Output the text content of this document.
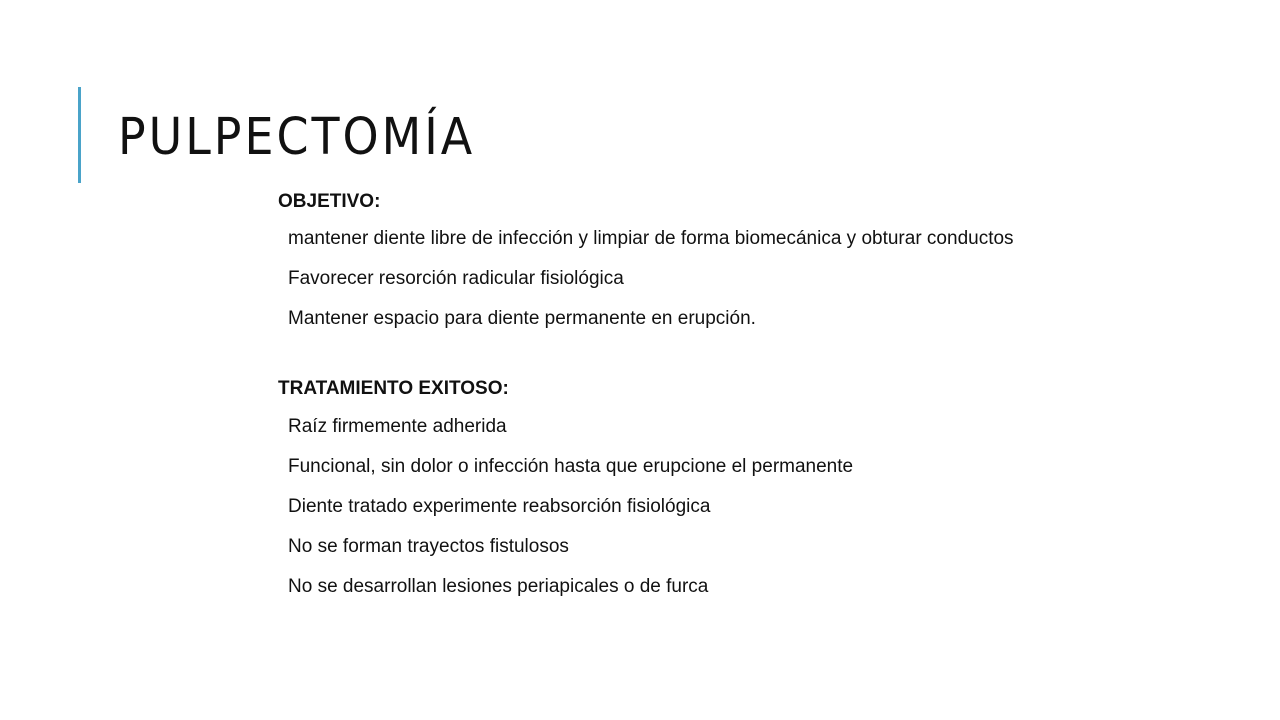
PULPECTOMÍA

OBJETIVO:

mantener diente libre de infección y limpiar de forma biomecánica y obturar conductos
Favorecer resorción radicular fisiológica
Mantener espacio para diente permanente en erupción.

TRATAMIENTO EXITOSO:

Raíz firmemente adherida
Funcional, sin dolor o infección hasta que erupcione el permanente
Diente tratado experimente reabsorción fisiológica
No se forman trayectos fistulosos
No se desarrollan lesiones periapicales o de furca
